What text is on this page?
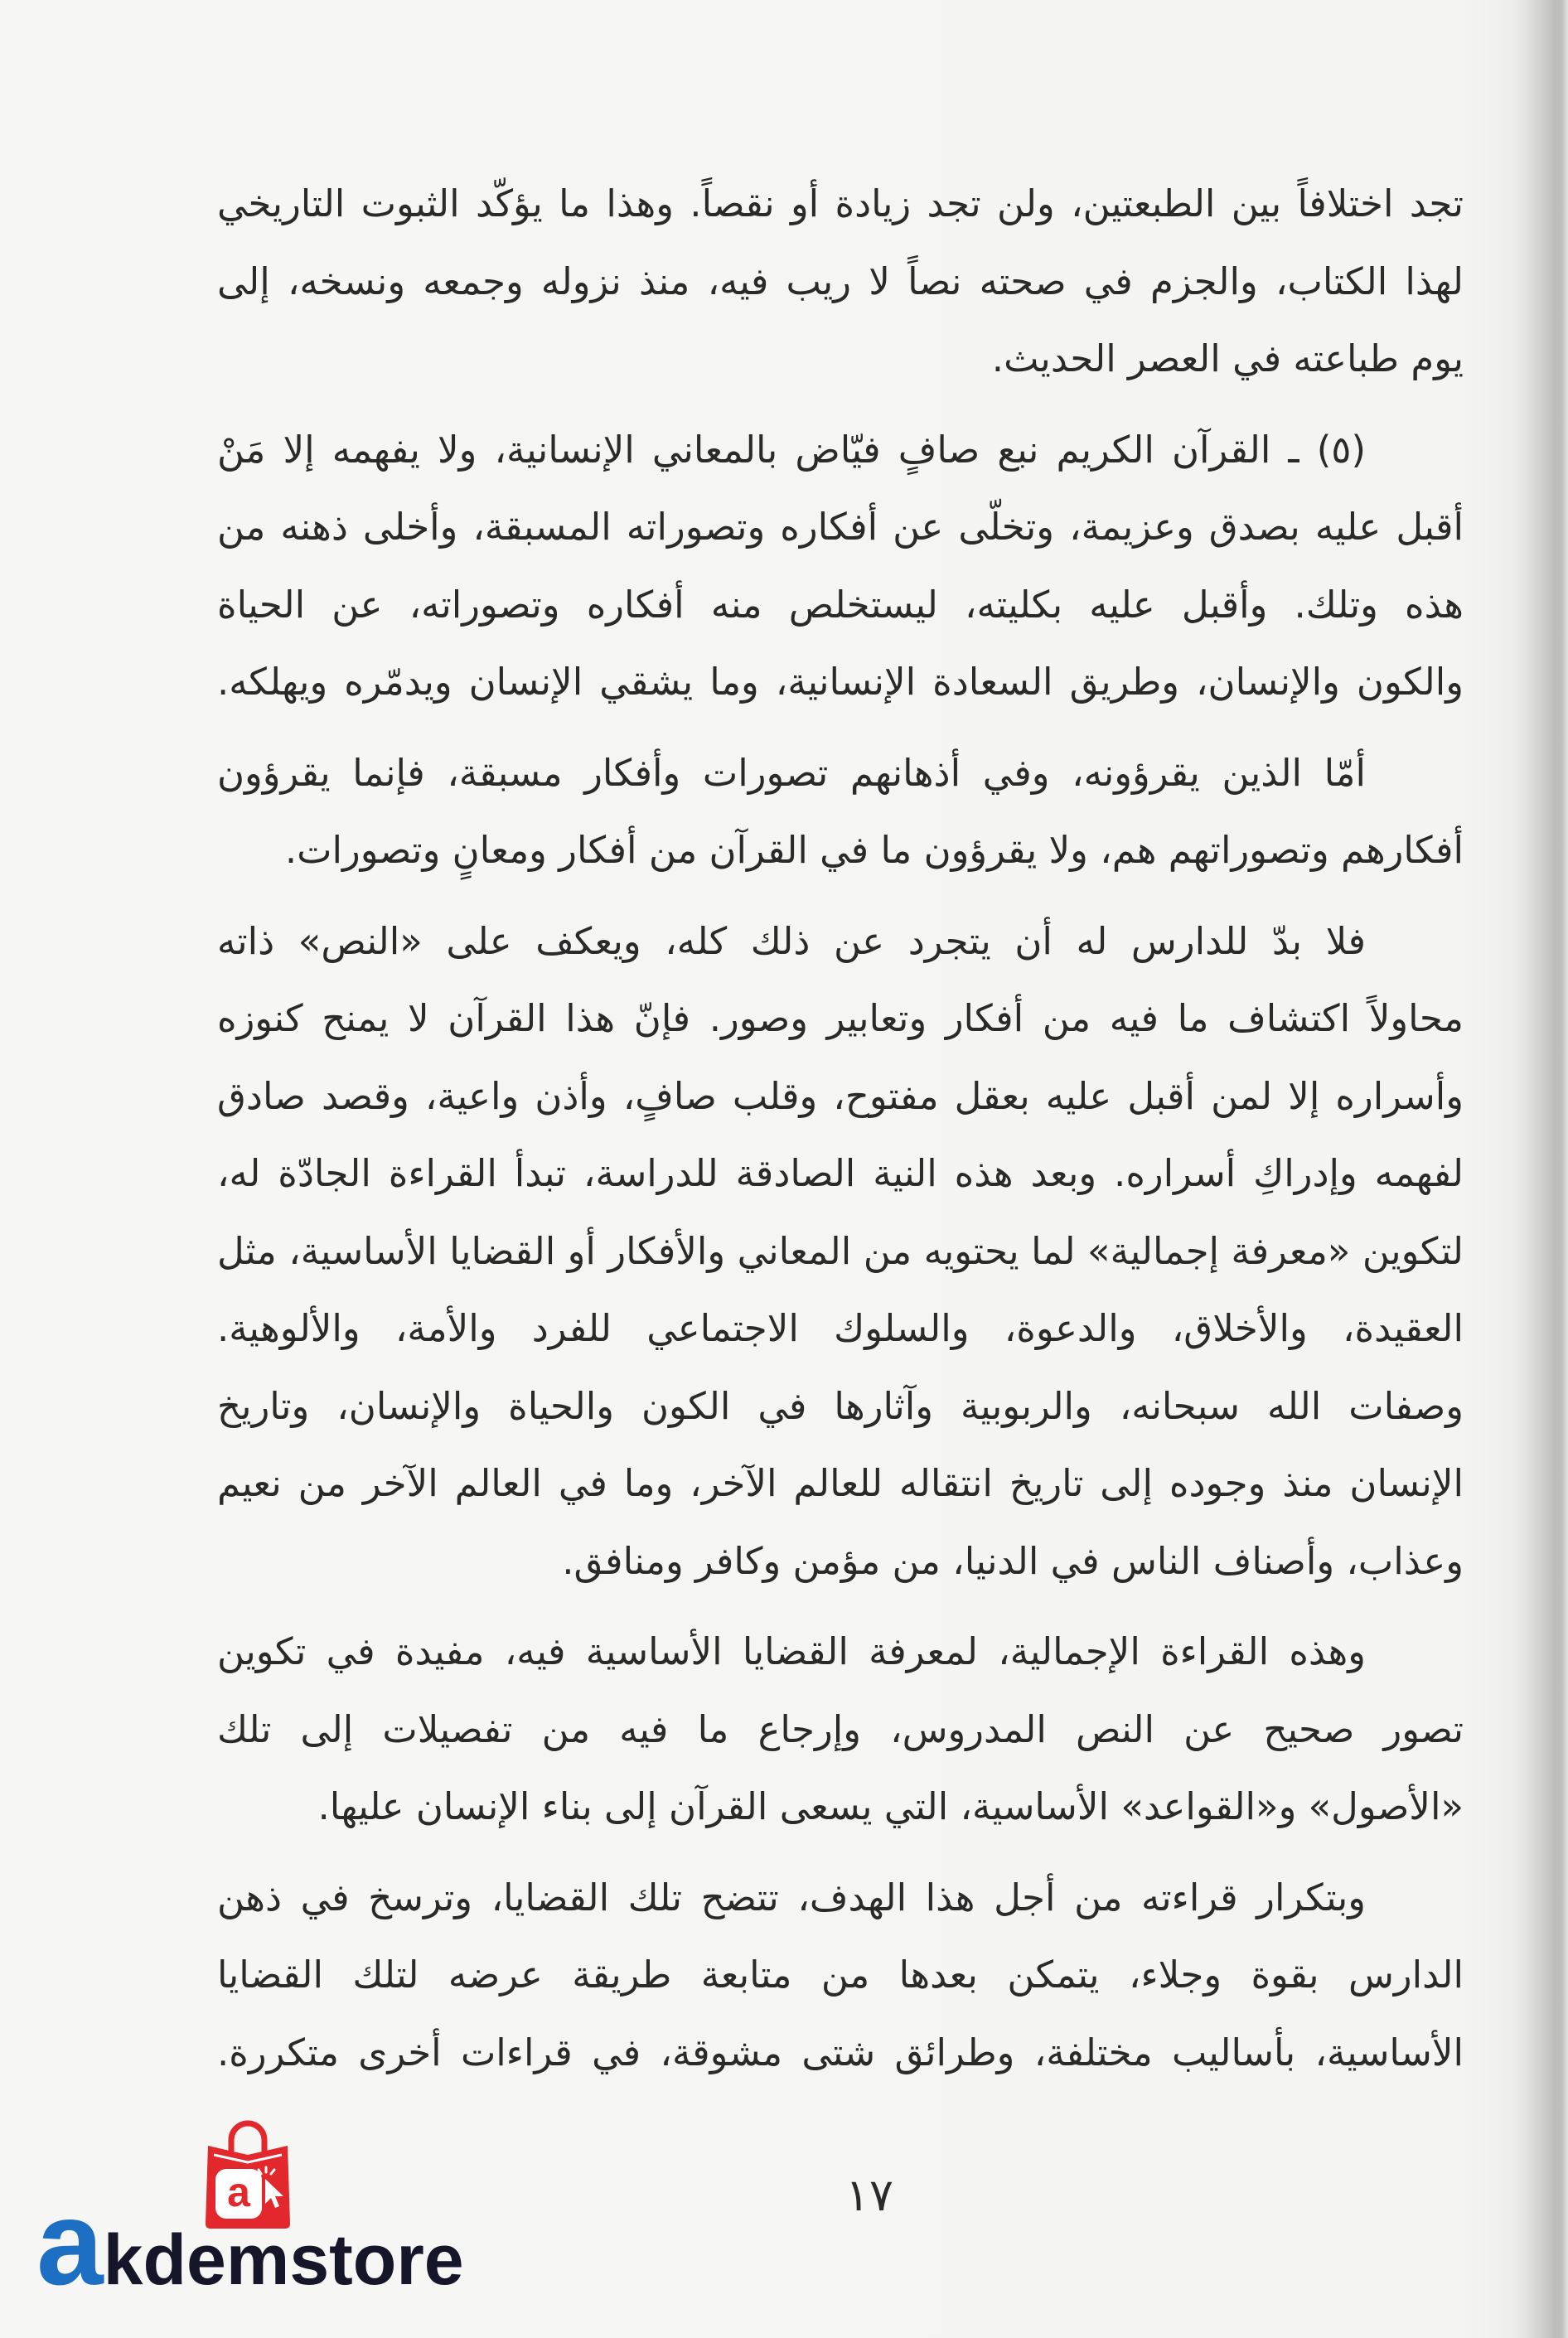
تجد اختلافاً بين الطبعتين، ولن تجد زيادة أو نقصاً. وهذا ما يؤكّد الثبوت التاريخي
لهذا الكتاب، والجزم في صحته نصاً لا ريب فيه، منذ نزوله وجمعه ونسخه، إلى
يوم طباعته في العصر الحديث.
(٥) ـ القرآن الكريم نبع صافٍ فيّاض بالمعاني الإنسانية، ولا يفهمه إلا مَنْ
أقبل عليه بصدق وعزيمة، وتخلّى عن أفكاره وتصوراته المسبقة، وأخلى ذهنه من
هذه وتلك. وأقبل عليه بكليته، ليستخلص منه أفكاره وتصوراته، عن الحياة
والكون والإنسان، وطريق السعادة الإنسانية، وما يشقي الإنسان ويدمّره ويهلكه.
أمّا الذين يقرؤونه، وفي أذهانهم تصورات وأفكار مسبقة، فإنما يقرؤون
أفكارهم وتصوراتهم هم، ولا يقرؤون ما في القرآن من أفكار ومعانٍ وتصورات.
فلا بدّ للدارس له أن يتجرد عن ذلك كله، ويعكف على «النص» ذاته
محاولاً اكتشاف ما فيه من أفكار وتعابير وصور. فإنّ هذا القرآن لا يمنح كنوزه
وأسراره إلا لمن أقبل عليه بعقل مفتوح، وقلب صافٍ، وأذن واعية، وقصد صادق
لفهمه وإدراكِ أسراره. وبعد هذه النية الصادقة للدراسة، تبدأ القراءة الجادّة له،
لتكوين «معرفة إجمالية» لما يحتويه من المعاني والأفكار أو القضايا الأساسية، مثل
العقيدة، والأخلاق، والدعوة، والسلوك الاجتماعي للفرد والأمة، والألوهية.
وصفات الله سبحانه، والربوبية وآثارها في الكون والحياة والإنسان، وتاريخ
الإنسان منذ وجوده إلى تاريخ انتقاله للعالم الآخر، وما في العالم الآخر من نعيم
وعذاب، وأصناف الناس في الدنيا، من مؤمن وكافر ومنافق.
وهذه القراءة الإجمالية، لمعرفة القضايا الأساسية فيه، مفيدة في تكوين
تصور صحيح عن النص المدروس، وإرجاع ما فيه من تفصيلات إلى تلك
«الأصول» و«القواعد» الأساسية، التي يسعى القرآن إلى بناء الإنسان عليها.
وبتكرار قراءته من أجل هذا الهدف، تتضح تلك القضايا، وترسخ في ذهن
الدارس بقوة وجلاء، يتمكن بعدها من متابعة طريقة عرضه لتلك القضايا
الأساسية، بأساليب مختلفة، وطرائق شتى مشوقة، في قراءات أخرى متكررة.
١٧
a
akdemstore
